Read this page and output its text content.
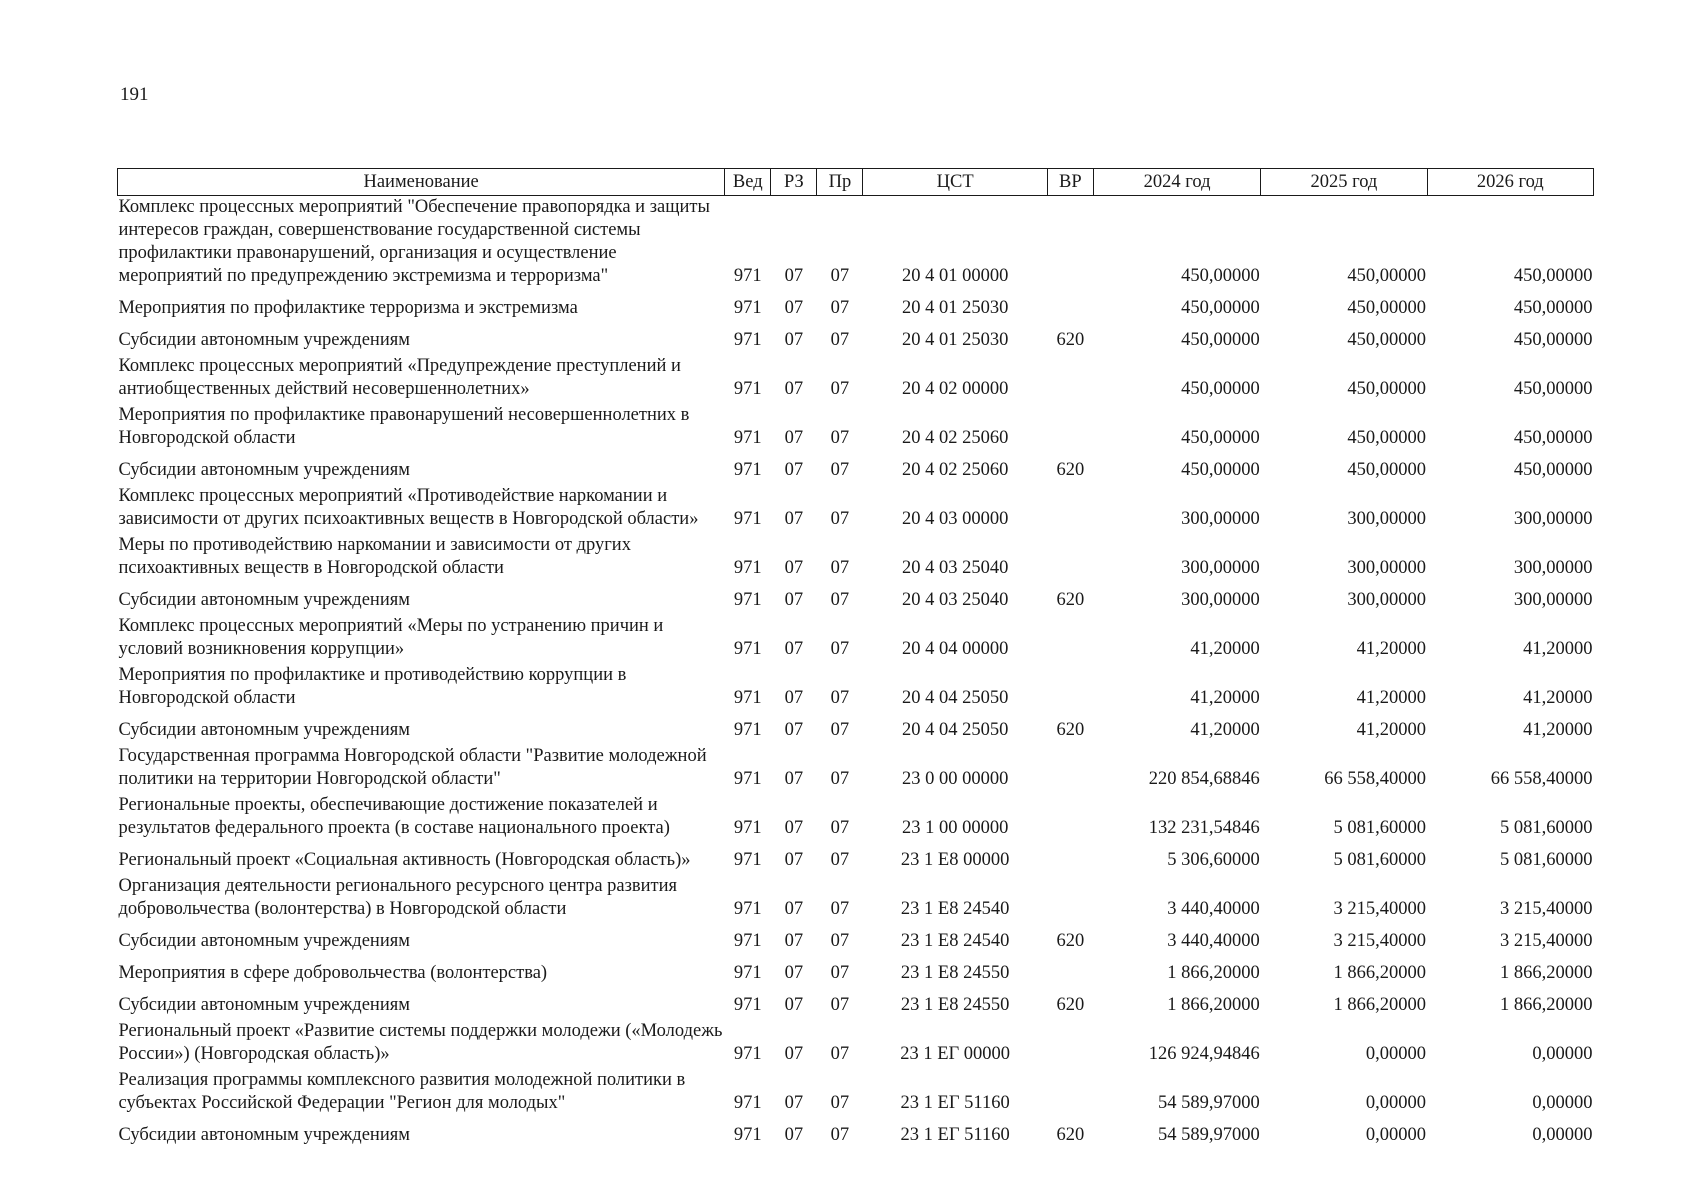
191
Наименование	Вед	РЗ	Пр	ЦСТ	ВР	2024 год	2025 год	2026 год
Комплекс процессных мероприятий "Обеспечение правопорядка и защиты интересов граждан, совершенствование государственной системы профилактики правонарушений, организация и осуществление мероприятий по предупреждению экстремизма и терроризма"	971	07	07	20 4 01 00000		450,00000	450,00000	450,00000
Мероприятия по профилактике терроризма и экстремизма	971	07	07	20 4 01 25030		450,00000	450,00000	450,00000
Субсидии автономным учреждениям	971	07	07	20 4 01 25030	620	450,00000	450,00000	450,00000
Комплекс процессных мероприятий «Предупреждение преступлений и антиобщественных действий несовершеннолетних»	971	07	07	20 4 02 00000		450,00000	450,00000	450,00000
Мероприятия по профилактике правонарушений несовершеннолетних в Новгородской области	971	07	07	20 4 02 25060		450,00000	450,00000	450,00000
Субсидии автономным учреждениям	971	07	07	20 4 02 25060	620	450,00000	450,00000	450,00000
Комплекс процессных мероприятий «Противодействие наркомании и зависимости от других психоактивных веществ в Новгородской области»	971	07	07	20 4 03 00000		300,00000	300,00000	300,00000
Меры по противодействию наркомании и зависимости от других психоактивных веществ в Новгородской области	971	07	07	20 4 03 25040		300,00000	300,00000	300,00000
Субсидии автономным учреждениям	971	07	07	20 4 03 25040	620	300,00000	300,00000	300,00000
Комплекс процессных мероприятий «Меры по устранению причин и условий возникновения коррупции»	971	07	07	20 4 04 00000		41,20000	41,20000	41,20000
Мероприятия по профилактике и противодействию коррупции в Новгородской области	971	07	07	20 4 04 25050		41,20000	41,20000	41,20000
Субсидии автономным учреждениям	971	07	07	20 4 04 25050	620	41,20000	41,20000	41,20000
Государственная программа Новгородской области "Развитие молодежной политики на территории Новгородской области"	971	07	07	23 0 00 00000		220 854,68846	66 558,40000	66 558,40000
Региональные проекты, обеспечивающие достижение показателей и результатов федерального проекта (в составе национального проекта)	971	07	07	23 1 00 00000		132 231,54846	5 081,60000	5 081,60000
Региональный проект «Социальная активность (Новгородская область)»	971	07	07	23 1 E8 00000		5 306,60000	5 081,60000	5 081,60000
Организация деятельности регионального ресурсного центра развития добровольчества (волонтерства) в Новгородской области	971	07	07	23 1 E8 24540		3 440,40000	3 215,40000	3 215,40000
Субсидии автономным учреждениям	971	07	07	23 1 E8 24540	620	3 440,40000	3 215,40000	3 215,40000
Мероприятия в сфере добровольчества (волонтерства)	971	07	07	23 1 E8 24550		1 866,20000	1 866,20000	1 866,20000
Субсидии автономным учреждениям	971	07	07	23 1 E8 24550	620	1 866,20000	1 866,20000	1 866,20000
Региональный проект «Развитие системы поддержки молодежи («Молодежь России») (Новгородская область)»	971	07	07	23 1 ЕГ 00000		126 924,94846	0,00000	0,00000
Реализация программы комплексного развития молодежной политики в субъектах Российской Федерации "Регион для молодых"	971	07	07	23 1 ЕГ 51160		54 589,97000	0,00000	0,00000
Субсидии автономным учреждениям	971	07	07	23 1 ЕГ 51160	620	54 589,97000	0,00000	0,00000
